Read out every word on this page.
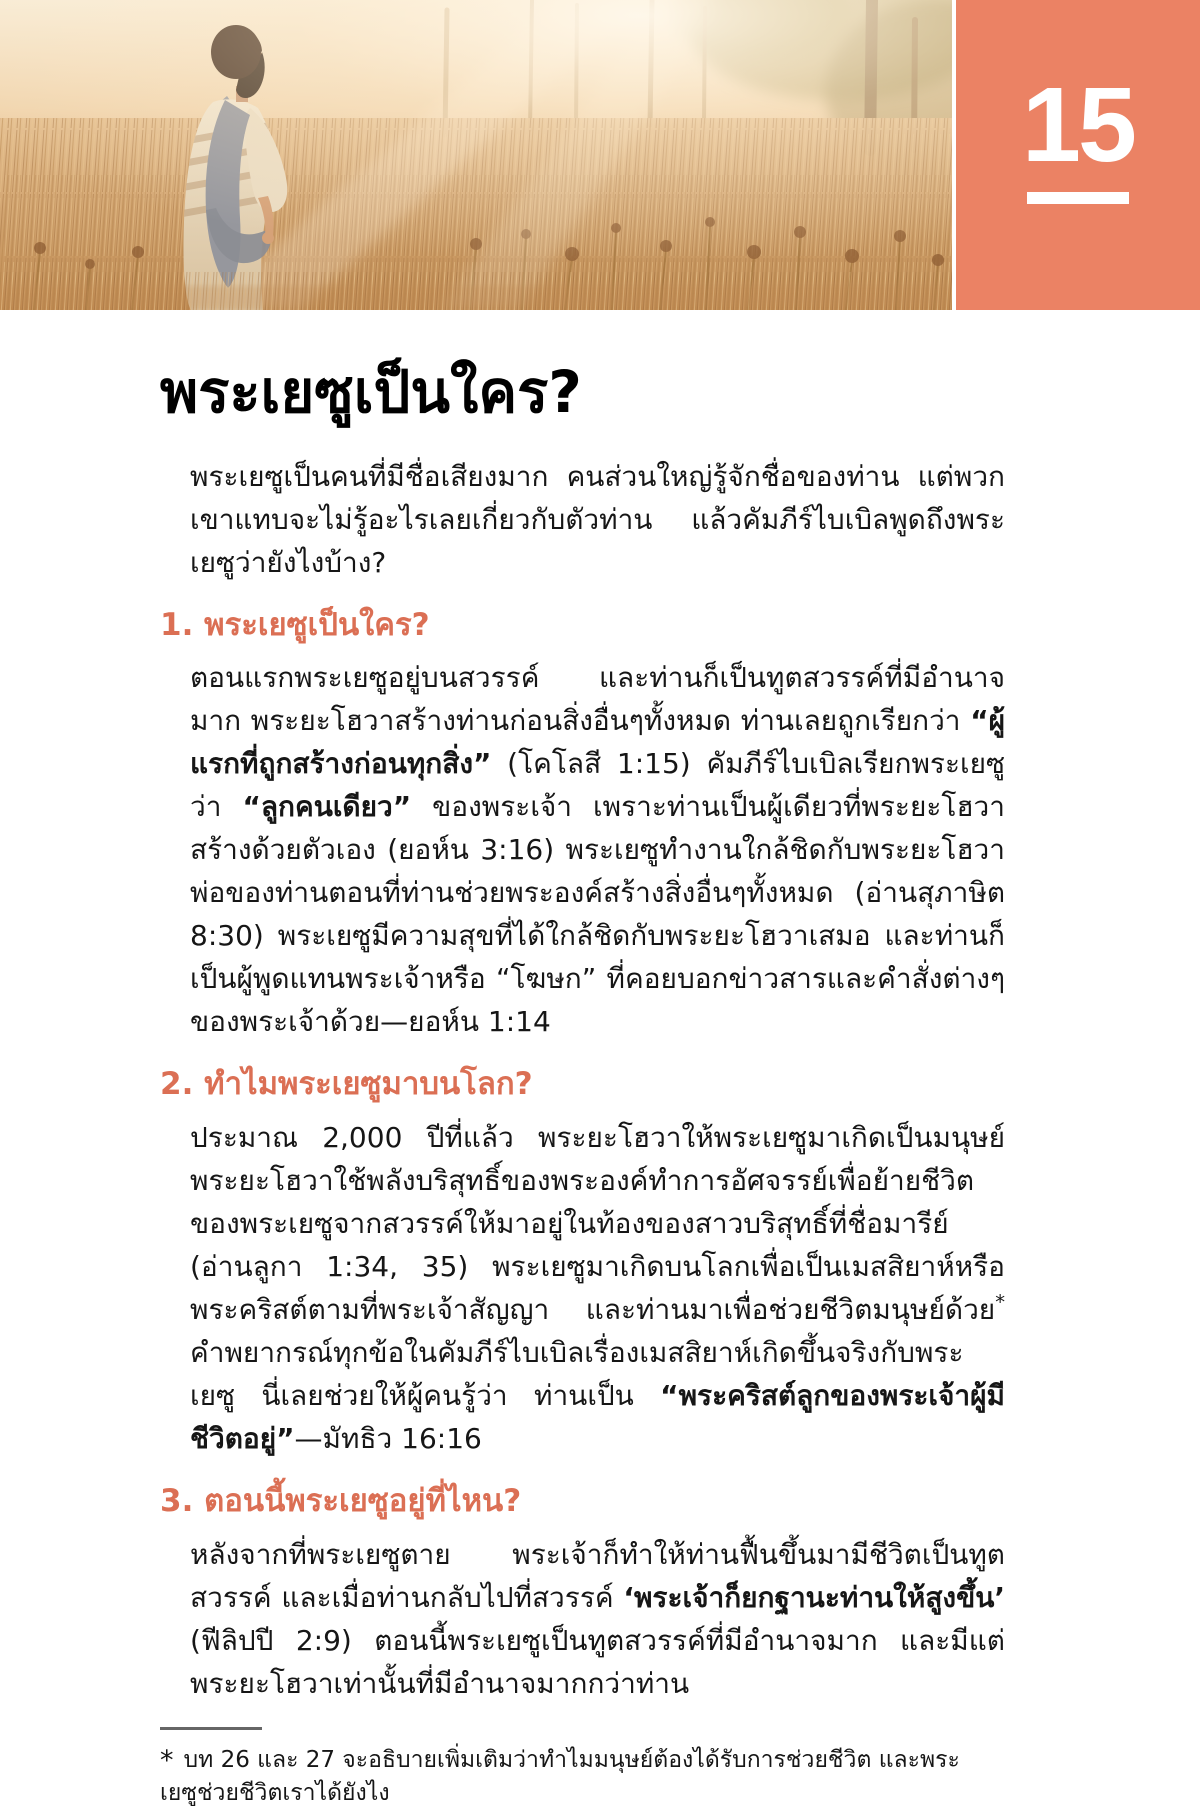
15
พระเยซูเป็นใคร?

พระเยซูเป็นคนที่มีชื่อเสียงมาก คนส่วนใหญ่รู้จักชื่อของท่าน แต่พวกเขาแทบจะไม่รู้อะไรเลยเกี่ยวกับตัวท่าน แล้วคัมภีร์ไบเบิลพูดถึงพระเยซูว่ายังไงบ้าง?

1. พระเยซูเป็นใคร?

ตอนแรกพระเยซูอยู่บนสวรรค์ และท่านก็เป็นทูตสวรรค์ที่มีอำนาจมาก พระยะโฮวาสร้างท่านก่อนสิ่งอื่นๆทั้งหมด ท่านเลยถูกเรียกว่า “ผู้แรกที่ถูกสร้างก่อนทุกสิ่ง” (โคโลสี 1:15) คัมภีร์ไบเบิลเรียกพระเยซูว่า “ลูกคนเดียว” ของพระเจ้า เพราะท่านเป็นผู้เดียวที่พระยะโฮวาสร้างด้วยตัวเอง (ยอห์น 3:16) พระเยซูทำงานใกล้ชิดกับพระยะโฮวาพ่อของท่านตอนที่ท่านช่วยพระองค์สร้างสิ่งอื่นๆทั้งหมด (อ่านสุภาษิต 8:30) พระเยซูมีความสุขที่ได้ใกล้ชิดกับพระยะโฮวาเสมอ และท่านก็เป็นผู้พูดแทนพระเจ้าหรือ “โฆษก” ที่คอยบอกข่าวสารและคำสั่งต่างๆของพระเจ้าด้วย—ยอห์น 1:14

2. ทำไมพระเยซูมาบนโลก?

ประมาณ 2,000 ปีที่แล้ว พระยะโฮวาให้พระเยซูมาเกิดเป็นมนุษย์ พระยะโฮวาใช้พลังบริสุทธิ์ของพระองค์ทำการอัศจรรย์เพื่อย้ายชีวิตของพระเยซูจากสวรรค์ให้มาอยู่ในท้องของสาวบริสุทธิ์ที่ชื่อมารีย์ (อ่านลูกา 1:34, 35) พระเยซูมาเกิดบนโลกเพื่อเป็นเมสสิยาห์หรือพระคริสต์ตามที่พระเจ้าสัญญา และท่านมาเพื่อช่วยชีวิตมนุษย์ด้วย* คำพยากรณ์ทุกข้อในคัมภีร์ไบเบิลเรื่องเมสสิยาห์เกิดขึ้นจริงกับพระเยซู นี่เลยช่วยให้ผู้คนรู้ว่า ท่านเป็น “พระคริสต์ลูกของพระเจ้าผู้มีชีวิตอยู่”—มัทธิว 16:16

3. ตอนนี้พระเยซูอยู่ที่ไหน?

หลังจากที่พระเยซูตาย พระเจ้าก็ทำให้ท่านฟื้นขึ้นมามีชีวิตเป็นทูตสวรรค์ และเมื่อท่านกลับไปที่สวรรค์ ‘พระเจ้าก็ยกฐานะท่านให้สูงขึ้น’ (ฟีลิปปี 2:9) ตอนนี้พระเยซูเป็นทูตสวรรค์ที่มีอำนาจมาก และมีแต่พระยะโฮวาเท่านั้นที่มีอำนาจมากกว่าท่าน

* บท 26 และ 27 จะอธิบายเพิ่มเติมว่าทำไมมนุษย์ต้องได้รับการช่วยชีวิต และพระเยซูช่วยชีวิตเราได้ยังไง
